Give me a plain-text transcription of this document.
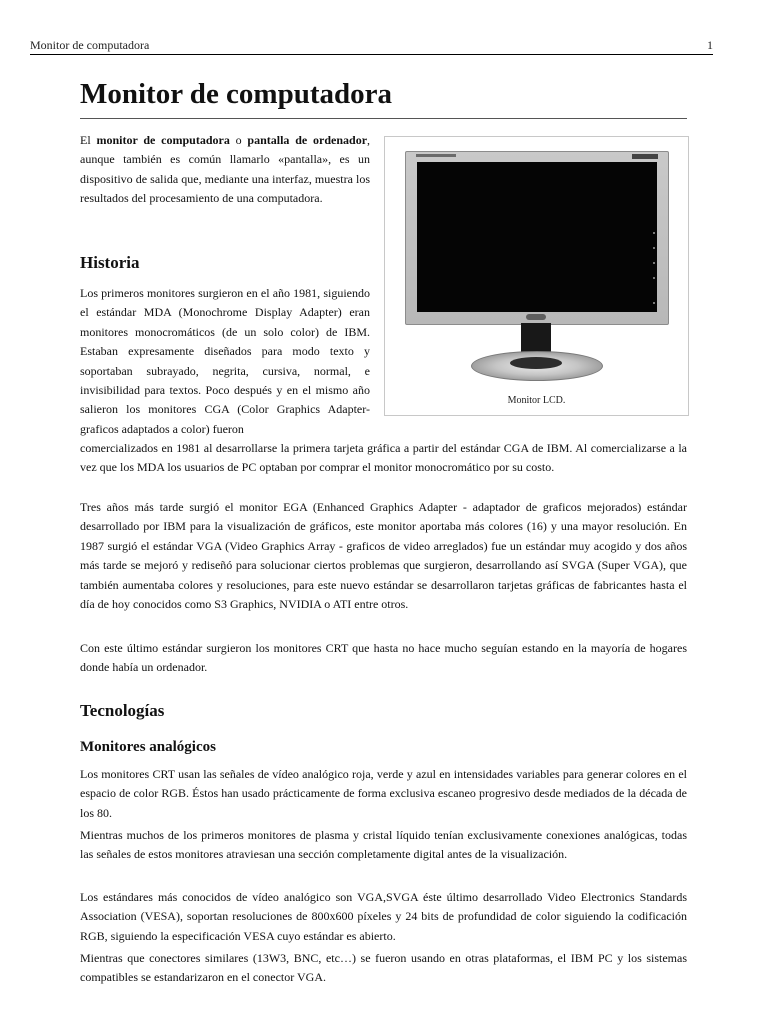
Monitor de computadora	1
Monitor de computadora

El monitor de computadora o pantalla de ordenador, aunque también es común llamarlo «pantalla», es un dispositivo de salida que, mediante una interfaz, muestra los resultados del procesamiento de una computadora.

Monitor LCD.
Historia

Los primeros monitores surgieron en el año 1981, siguiendo el estándar MDA (Monochrome Display Adapter) eran monitores monocromáticos (de un solo color) de IBM. Estaban expresamente diseñados para modo texto y soportaban subrayado, negrita, cursiva, normal, e invisibilidad para textos. Poco después y en el mismo año salieron los monitores CGA (Color Graphics Adapter-graficos adaptados a color) fueron

comercializados en 1981 al desarrollarse la primera tarjeta gráfica a partir del estándar CGA de IBM. Al comercializarse a la vez que los MDA los usuarios de PC optaban por comprar el monitor monocromático por su costo.

Tres años más tarde surgió el monitor EGA (Enhanced Graphics Adapter - adaptador de graficos mejorados) estándar desarrollado por IBM para la visualización de gráficos, este monitor aportaba más colores (16) y una mayor resolución. En 1987 surgió el estándar VGA (Video Graphics Array - graficos de video arreglados) fue un estándar muy acogido y dos años más tarde se mejoró y rediseñó para solucionar ciertos problemas que surgieron, desarrollando así SVGA (Super VGA), que también aumentaba colores y resoluciones, para este nuevo estándar se desarrollaron tarjetas gráficas de fabricantes hasta el día de hoy conocidos como S3 Graphics, NVIDIA o ATI entre otros.

Con este último estándar surgieron los monitores CRT que hasta no hace mucho seguían estando en la mayoría de hogares donde había un ordenador.

Tecnologías
Monitores analógicos

Los monitores CRT usan las señales de vídeo analógico roja, verde y azul en intensidades variables para generar colores en el espacio de color RGB. Éstos han usado prácticamente de forma exclusiva escaneo progresivo desde mediados de la década de los 80.

Mientras muchos de los primeros monitores de plasma y cristal líquido tenían exclusivamente conexiones analógicas, todas las señales de estos monitores atraviesan una sección completamente digital antes de la visualización.

Los estándares más conocidos de vídeo analógico son VGA,SVGA éste último desarrollado Video Electronics Standards Association (VESA), soportan resoluciones de 800x600 píxeles y 24 bits de profundidad de color siguiendo la codificación RGB, siguiendo la especificación VESA cuyo estándar es abierto.

Mientras que conectores similares (13W3, BNC, etc…) se fueron usando en otras plataformas, el IBM PC y los sistemas compatibles se estandarizaron en el conector VGA.
